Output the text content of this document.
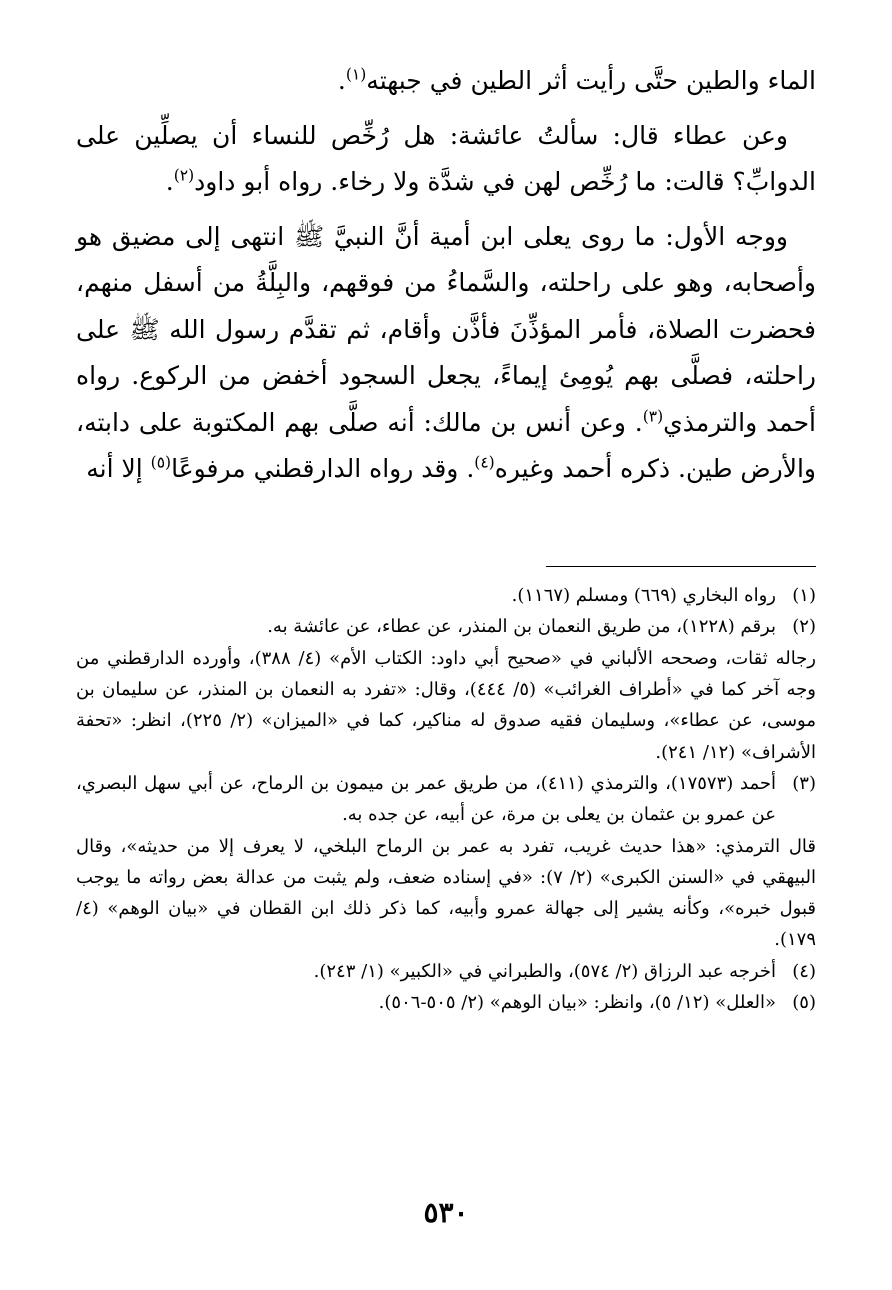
الماء والطين حتَّى رأيت أثر الطين في جبهته$^{(١)}$.

وعن عطاء قال: سألتُ عائشة: هل رُخِّص للنساء أن يصلِّين على الدوابِّ؟ قالت: ما رُخِّص لهن في شدَّة ولا رخاء. رواه أبو داود$^{(٢)}$.

ووجه الأول: ما روى يعلى ابن أمية أنَّ النبيَّ ﷺ انتهى إلى مضيق هو وأصحابه، وهو على راحلته، والسَّماءُ من فوقهم، والبِلَّةُ من أسفل منهم، فحضرت الصلاة، فأمر المؤذِّنَ فأذَّن وأقام، ثم تقدَّم رسول الله ﷺ على راحلته، فصلَّى بهم يُومِئ إيماءً، يجعل السجود أخفض من الركوع. رواه أحمد والترمذي$^{(٣)}$. وعن أنس بن مالك: أنه صلَّى بهم المكتوبة على دابته، والأرض طين. ذكره أحمد وغيره$^{(٤)}$. وقد رواه الدارقطني مرفوعًا$^{(٥)}$ إلا أنه

(١)
رواه البخاري (٦٦٩) ومسلم (١١٦٧).

(٢)
برقم (١٢٢٨)، من طريق النعمان بن المنذر، عن عطاء، عن عائشة به.

رجاله ثقات، وصححه الألباني في «صحيح أبي داود: الكتاب الأم» (٤/ ٣٨٨)، وأورده الدارقطني من وجه آخر كما في «أطراف الغرائب» (٥/ ٤٤٤)، وقال: «تفرد به النعمان بن المنذر، عن سليمان بن موسى، عن عطاء»، وسليمان فقيه صدوق له مناكير، كما في «الميزان» (٢/ ٢٢٥)، انظر: «تحفة الأشراف» (١٢/ ٢٤١).

(٣)
أحمد (١٧٥٧٣)، والترمذي (٤١١)، من طريق عمر بن ميمون بن الرماح، عن أبي سهل البصري، عن عمرو بن عثمان بن يعلى بن مرة، عن أبيه، عن جده به.

قال الترمذي: «هذا حديث غريب، تفرد به عمر بن الرماح البلخي، لا يعرف إلا من حديثه»، وقال البيهقي في «السنن الكبرى» (٢/ ٧): «في إسناده ضعف، ولم يثبت من عدالة بعض رواته ما يوجب قبول خبره»، وكأنه يشير إلى جهالة عمرو وأبيه، كما ذكر ذلك ابن القطان في «بيان الوهم» (٤/ ١٧٩).

(٤)
أخرجه عبد الرزاق (٢/ ٥٧٤)، والطبراني في «الكبير» (١/ ٢٤٣).

(٥)
«العلل» (١٢/ ٥)، وانظر: «بيان الوهم» (٢/ ٥٠٥-٥٠٦).

٥٣٠
